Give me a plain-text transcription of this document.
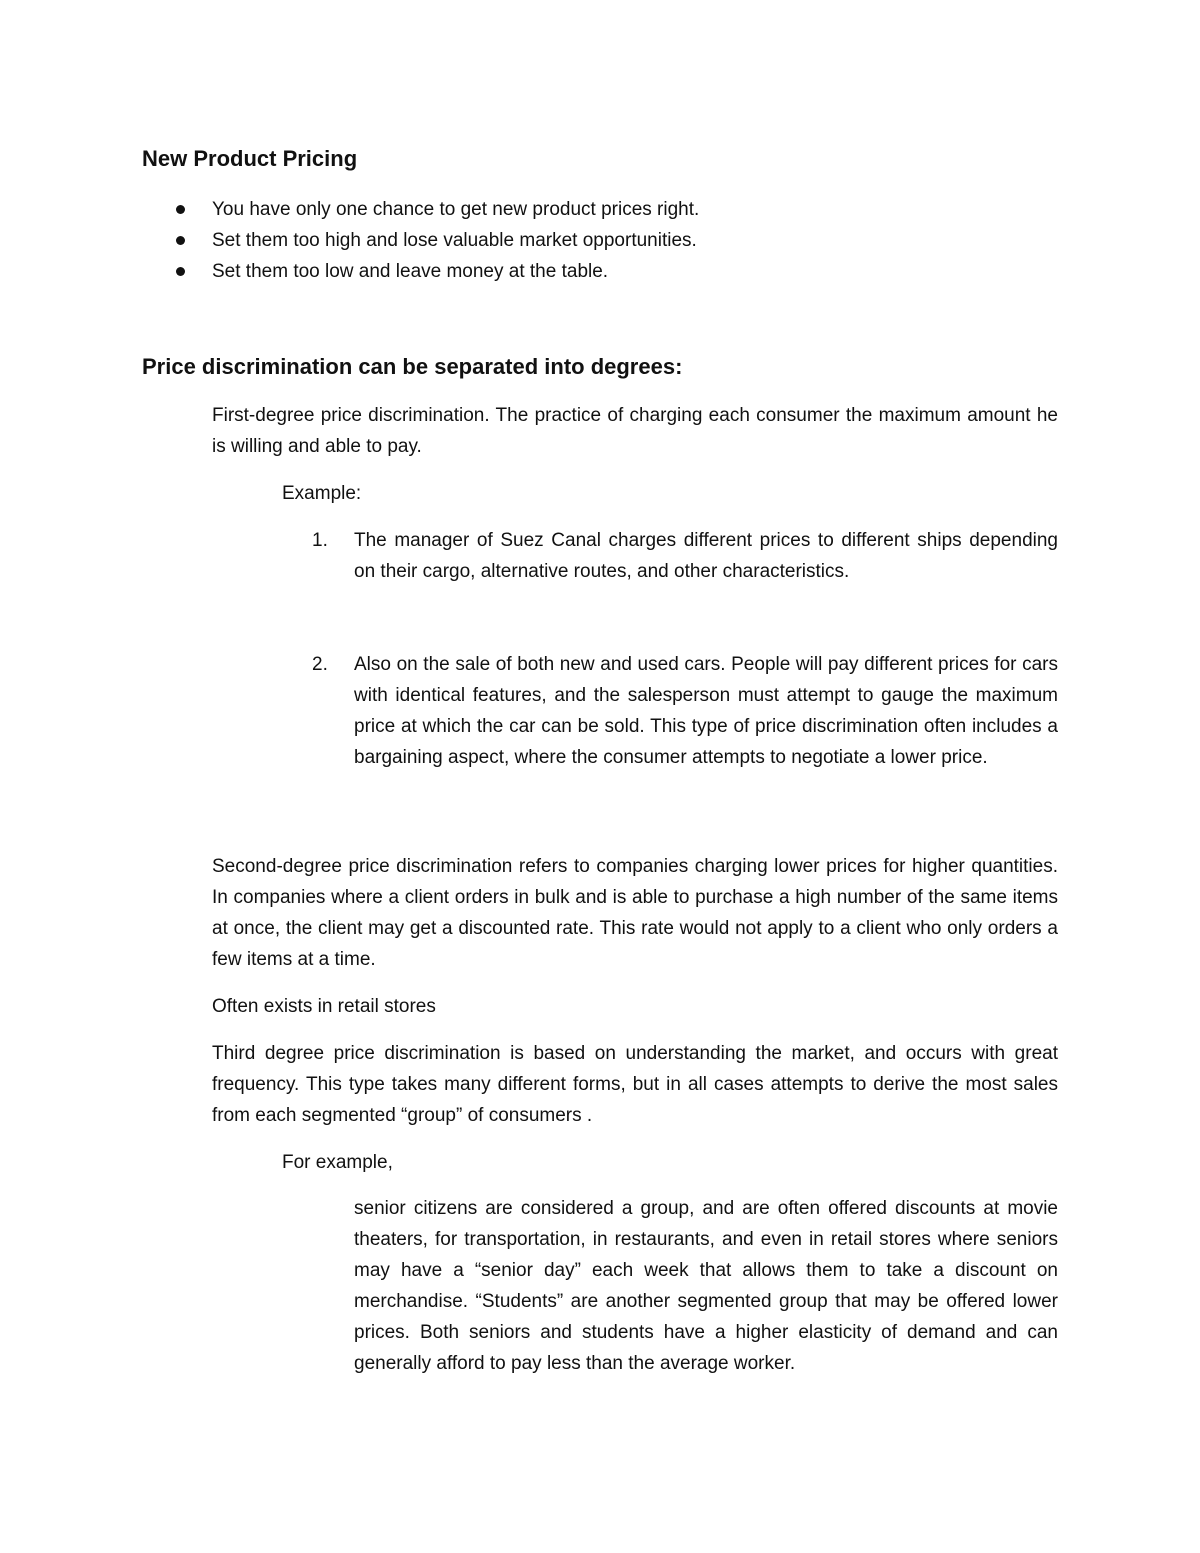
New Product Pricing
You have only one chance to get new product prices right.
Set them too high and lose valuable market opportunities.
Set them too low and leave money at the table.
Price discrimination can be separated into degrees:
First-degree price discrimination. The practice of charging each consumer the maximum amount he is willing and able to pay.
Example:
1. The manager of Suez Canal charges different prices to different ships depending on their cargo, alternative routes, and other characteristics.
2. Also on the sale of both new and used cars. People will pay different prices for cars with identical features, and the salesperson must attempt to gauge the maximum price at which the car can be sold. This type of price discrimination often includes a bargaining aspect, where the consumer attempts to negotiate a lower price.
Second-degree price discrimination refers to companies charging lower prices for higher quantities. In companies where a client orders in bulk and is able to purchase a high number of the same items at once, the client may get a discounted rate. This rate would not apply to a client who only orders a few items at a time.
Often exists in retail stores
Third degree price discrimination is based on understanding the market, and occurs with great frequency. This type takes many different forms, but in all cases attempts to derive the most sales from each segmented “group” of consumers .
For example,
senior citizens are considered a group, and are often offered discounts at movie theaters, for transportation, in restaurants, and even in retail stores where seniors may have a “senior day” each week that allows them to take a discount on merchandise. “Students” are another segmented group that may be offered lower prices. Both seniors and students have a higher elasticity of demand and can generally afford to pay less than the average worker.
